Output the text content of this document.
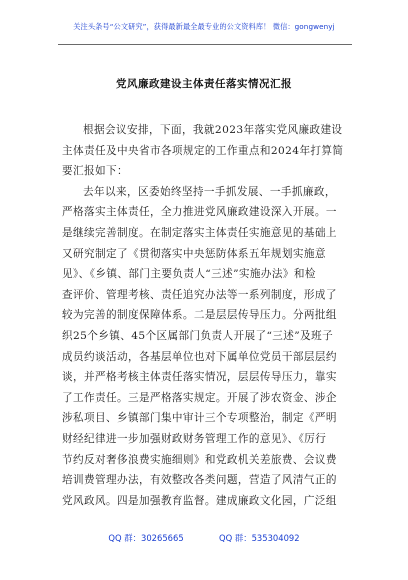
关注头条号“公文研究”，获得最新最全最专业的公文资料库！ 微信：gongwenyj
党风廉政建设主体责任落实情况汇报
根据会议安排，下面，我就2023年落实党风廉政建设
主体责任及中央省市各项规定的工作重点和2024年打算简
要汇报如下：
去年以来，区委始终坚持一手抓发展、一手抓廉政，
严格落实主体责任，全力推进党风廉政建设深入开展。一
是继续完善制度。在制定落实主体责任实施意见的基础上
又研究制定了《贯彻落实中央惩防体系五年规划实施意
见》、《乡镇、部门主要负责人“三述”实施办法》和检
查评价、管理考核、责任追究办法等一系列制度，形成了
较为完善的制度保障体系。二是层层传导压力。分两批组
织25个乡镇、45个区属部门负责人开展了“三述”及班子
成员约谈活动，各基层单位也对下属单位党员干部层层约
谈，并严格考核主体责任落实情况，层层传导压力，靠实
了工作责任。三是严格落实规定。开展了涉农资金、涉企
涉私项目、乡镇部门集中审计三个专项整治，制定《严明
财经纪律进一步加强财政财务管理工作的意见》、《厉行
节约反对奢侈浪费实施细则》和党政机关差旅费、会议费
培训费管理办法，有效整改各类问题，营造了风清气正的
党风政风。四是加强教育监督。建成廉政文化园，广泛组
QQ 群：30265665	QQ 群：535304092
